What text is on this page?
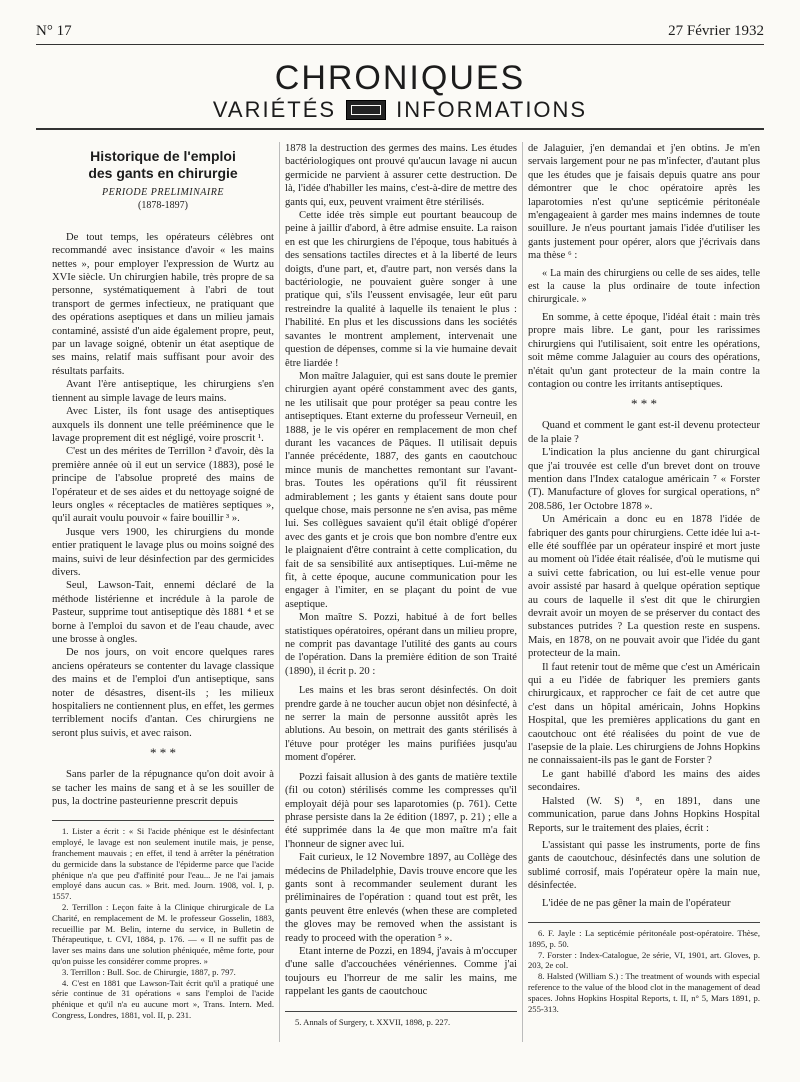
N° 17	27 Février 1932
CHRONIQUES
VARIÉTÉS	INFORMATIONS
Historique de l'emploi
des gants en chirurgie
PERIODE PRELIMINAIRE
(1878-1897)

De tout temps, les opérateurs célèbres ont recommandé avec insistance d'avoir « les mains nettes », pour employer l'expression de Wurtz au XVIe siècle. Un chirurgien habile, très propre de sa personne, systématiquement à l'abri de tout transport de germes infectieux, ne pratiquant que des opérations aseptiques et dans un milieu jamais contaminé, assisté d'un aide également propre, peut, par un lavage soigné, obtenir un état aseptique de ses mains, relatif mais suffisant pour avoir des résultats parfaits.

Avant l'ère antiseptique, les chirurgiens s'en tiennent au simple lavage de leurs mains.

Avec Lister, ils font usage des antiseptiques auxquels ils donnent une telle prééminence que le lavage proprement dit est négligé, voire proscrit ¹.

C'est un des mérites de Terrillon ² d'avoir, dès la première année où il eut un service (1883), posé le principe de l'absolue propreté des mains de l'opérateur et de ses aides et du nettoyage soigné de leurs ongles « réceptacles de matières septiques », qu'il aurait voulu pouvoir « faire bouillir ³ ».

Jusque vers 1900, les chirurgiens du monde entier pratiquent le lavage plus ou moins soigné des mains, suivi de leur désinfection par des germicides divers.

Seul, Lawson-Tait, ennemi déclaré de la méthode listérienne et incrédule à la parole de Pasteur, supprime tout antiseptique dès 1881 ⁴ et se borne à l'emploi du savon et de l'eau chaude, avec une brosse à ongles.

De nos jours, on voit encore quelques rares anciens opérateurs se contenter du lavage classique des mains et de l'emploi d'un antiseptique, sans noter de désastres, disent-ils ; les milieux hospitaliers ne contiennent plus, en effet, les germes terriblement nocifs d'antan. Ces chirurgiens ne seront plus suivis, et avec raison.

* * *

Sans parler de la répugnance qu'on doit avoir à se tacher les mains de sang et à se les souiller de pus, la doctrine pasteurienne prescrit depuis

1. Lister a écrit : « Si l'acide phénique est le désinfectant employé, le lavage est non seulement inutile mais, je pense, franchement mauvais ; en effet, il tend à arrêter la pénétration du germicide dans la substance de l'épiderme parce que l'acide phénique n'a que peu d'affinité pour l'eau... Je ne l'ai jamais employé dans aucun cas. » Brit. med. Journ. 1908, vol. I, p. 1557.

2. Terrillon : Leçon faite à la Clinique chirurgicale de La Charité, en remplacement de M. le professeur Gosselin, 1883, recueillie par M. Belin, interne du service, in Bulletin de Thérapeutique, t. CVI, 1884, p. 176. — « Il ne suffit pas de laver ses mains dans une solution phéniquée, même forte, pour qu'on puisse les considérer comme propres. »

3. Terrillon : Bull. Soc. de Chirurgie, 1887, p. 797.

4. C'est en 1881 que Lawson-Tait écrit qu'il a pratiqué une série continue de 31 opérations « sans l'emploi de l'acide phénique et qu'il n'a eu aucune mort », Trans. Intern. Med. Congress, Londres, 1881, vol. II, p. 231.

1878 la destruction des germes des mains. Les études bactériologiques ont prouvé qu'aucun lavage ni aucun germicide ne parvient à assurer cette destruction. De là, l'idée d'habiller les mains, c'est-à-dire de mettre des gants qui, eux, peuvent vraiment être stérilisés.

Cette idée très simple eut pourtant beaucoup de peine à jaillir d'abord, à être admise ensuite. La raison en est que les chirurgiens de l'époque, tous habitués à des sensations tactiles directes et à la liberté de leurs doigts, d'une part, et, d'autre part, non versés dans la bactériologie, ne pouvaient guère songer à une pratique qui, s'ils l'eussent envisagée, leur eût paru restreindre la qualité à laquelle ils tenaient le plus : l'habilité. En plus et les discussions dans les sociétés savantes le montrent amplement, intervenait une question de dépenses, comme si la vie humaine devait être liardée !

Mon maître Jalaguier, qui est sans doute le premier chirurgien ayant opéré constamment avec des gants, ne les utilisait que pour protéger sa peau contre les antiseptiques. Etant externe du professeur Verneuil, en 1888, je le vis opérer en remplacement de mon chef durant les vacances de Pâques. Il utilisait depuis l'année précédente, 1887, des gants en caoutchouc mince munis de manchettes remontant sur l'avant-bras. Toutes les opérations qu'il fit réussirent admirablement ; les gants y étaient sans doute pour quelque chose, mais personne ne s'en avisa, pas même lui. Ses collègues savaient qu'il était obligé d'opérer avec des gants et je crois que bon nombre d'entre eux le plaignaient d'être contraint à cette complication, du fait de sa sensibilité aux antiseptiques. Lui-même ne fit, à cette époque, aucune communication pour les engager à l'imiter, en se plaçant du point de vue aseptique.

Mon maître S. Pozzi, habitué à de fort belles statistiques opératoires, opérant dans un milieu propre, ne comprit pas davantage l'utilité des gants au cours de l'opération. Dans la première édition de son Traité (1890), il écrit p. 20 :

Les mains et les bras seront désinfectés. On doit prendre garde à ne toucher aucun objet non désinfecté, à ne serrer la main de personne aussitôt après les ablutions. Au besoin, on mettrait des gants stérilisés à l'étuve pour protéger les mains purifiées jusqu'au moment d'opérer.

Pozzi faisait allusion à des gants de matière textile (fil ou coton) stérilisés comme les compresses qu'il employait déjà pour ses laparotomies (p. 761). Cette phrase persiste dans la 2e édition (1897, p. 21) ; elle a été supprimée dans la 4e que mon maître m'a fait l'honneur de signer avec lui.

Fait curieux, le 12 Novembre 1897, au Collège des médecins de Philadelphie, Davis trouve encore que les gants sont à recommander seulement durant les préliminaires de l'opération : quand tout est prêt, les gants peuvent être enlevés (when these are completed the gloves may be removed when the assistant is ready to proceed with the operation ⁵ ».

Etant interne de Pozzi, en 1894, j'avais à m'occuper d'une salle d'accouchées vénériennes. Comme j'ai toujours eu l'horreur de me salir les mains, me rappelant les gants de caoutchouc

5. Annals of Surgery, t. XXVII, 1898, p. 227.

de Jalaguier, j'en demandai et j'en obtins. Je m'en servais largement pour ne pas m'infecter, d'autant plus que les études que je faisais depuis quatre ans pour démontrer que le choc opératoire après les laparotomies n'est qu'une septicémie péritonéale m'engageaient à garder mes mains indemnes de toute souillure. Je n'eus pourtant jamais l'idée d'utiliser les gants justement pour opérer, alors que j'écrivais dans ma thèse ⁶ :

« La main des chirurgiens ou celle de ses aides, telle est la cause la plus ordinaire de toute infection chirurgicale. »

En somme, à cette époque, l'idéal était : main très propre mais libre. Le gant, pour les rarissimes chirurgiens qui l'utilisaient, soit entre les opérations, soit même comme Jalaguier au cours des opérations, n'était qu'un gant protecteur de la main contre la contagion ou contre les irritants antiseptiques.

* * *

Quand et comment le gant est-il devenu protecteur de la plaie ?

L'indication la plus ancienne du gant chirurgical que j'ai trouvée est celle d'un brevet dont on trouve mention dans l'Index catalogue américain ⁷ « Forster (T). Manufacture of gloves for surgical operations, n° 208.586, 1er Octobre 1878 ».

Un Américain a donc eu en 1878 l'idée de fabriquer des gants pour chirurgiens. Cette idée lui a-t-elle été soufflée par un opérateur inspiré et mort juste au moment où l'idée était réalisée, d'où le mutisme qui a suivi cette fabrication, ou lui est-elle venue pour avoir assisté par hasard à quelque opération septique au cours de laquelle il s'est dit que le chirurgien devrait avoir un moyen de se préserver du contact des substances putrides ? La question reste en suspens. Mais, en 1878, on ne pouvait avoir que l'idée du gant protecteur de la main.

Il faut retenir tout de même que c'est un Américain qui a eu l'idée de fabriquer les premiers gants chirurgicaux, et rapprocher ce fait de cet autre que c'est dans un hôpital américain, Johns Hopkins Hospital, que les premières applications du gant en caoutchouc ont été réalisées du point de vue de l'asepsie de la plaie. Les chirurgiens de Johns Hopkins ne connaissaient-ils pas le gant de Forster ?

Le gant habillé d'abord les mains des aides secondaires.

Halsted (W. S) ⁸, en 1891, dans une communication, parue dans Johns Hopkins Hospital Reports, sur le traitement des plaies, écrit :

L'assistant qui passe les instruments, porte de fins gants de caoutchouc, désinfectés dans une solution de sublimé corrosif, mais l'opérateur opère la main nue, désinfectée.

L'idée de ne pas gêner la main de l'opérateur

6. F. Jayle : La septicémie péritonéale post-opératoire. Thèse, 1895, p. 50.

7. Forster : Index-Catalogue, 2e série, VI, 1901, art. Gloves, p. 203, 2e col.

8. Halsted (William S.) : The treatment of wounds with especial reference to the value of the blood clot in the management of dead spaces. Johns Hopkins Hospital Reports, t. II, n° 5, Mars 1891, p. 255-313.
